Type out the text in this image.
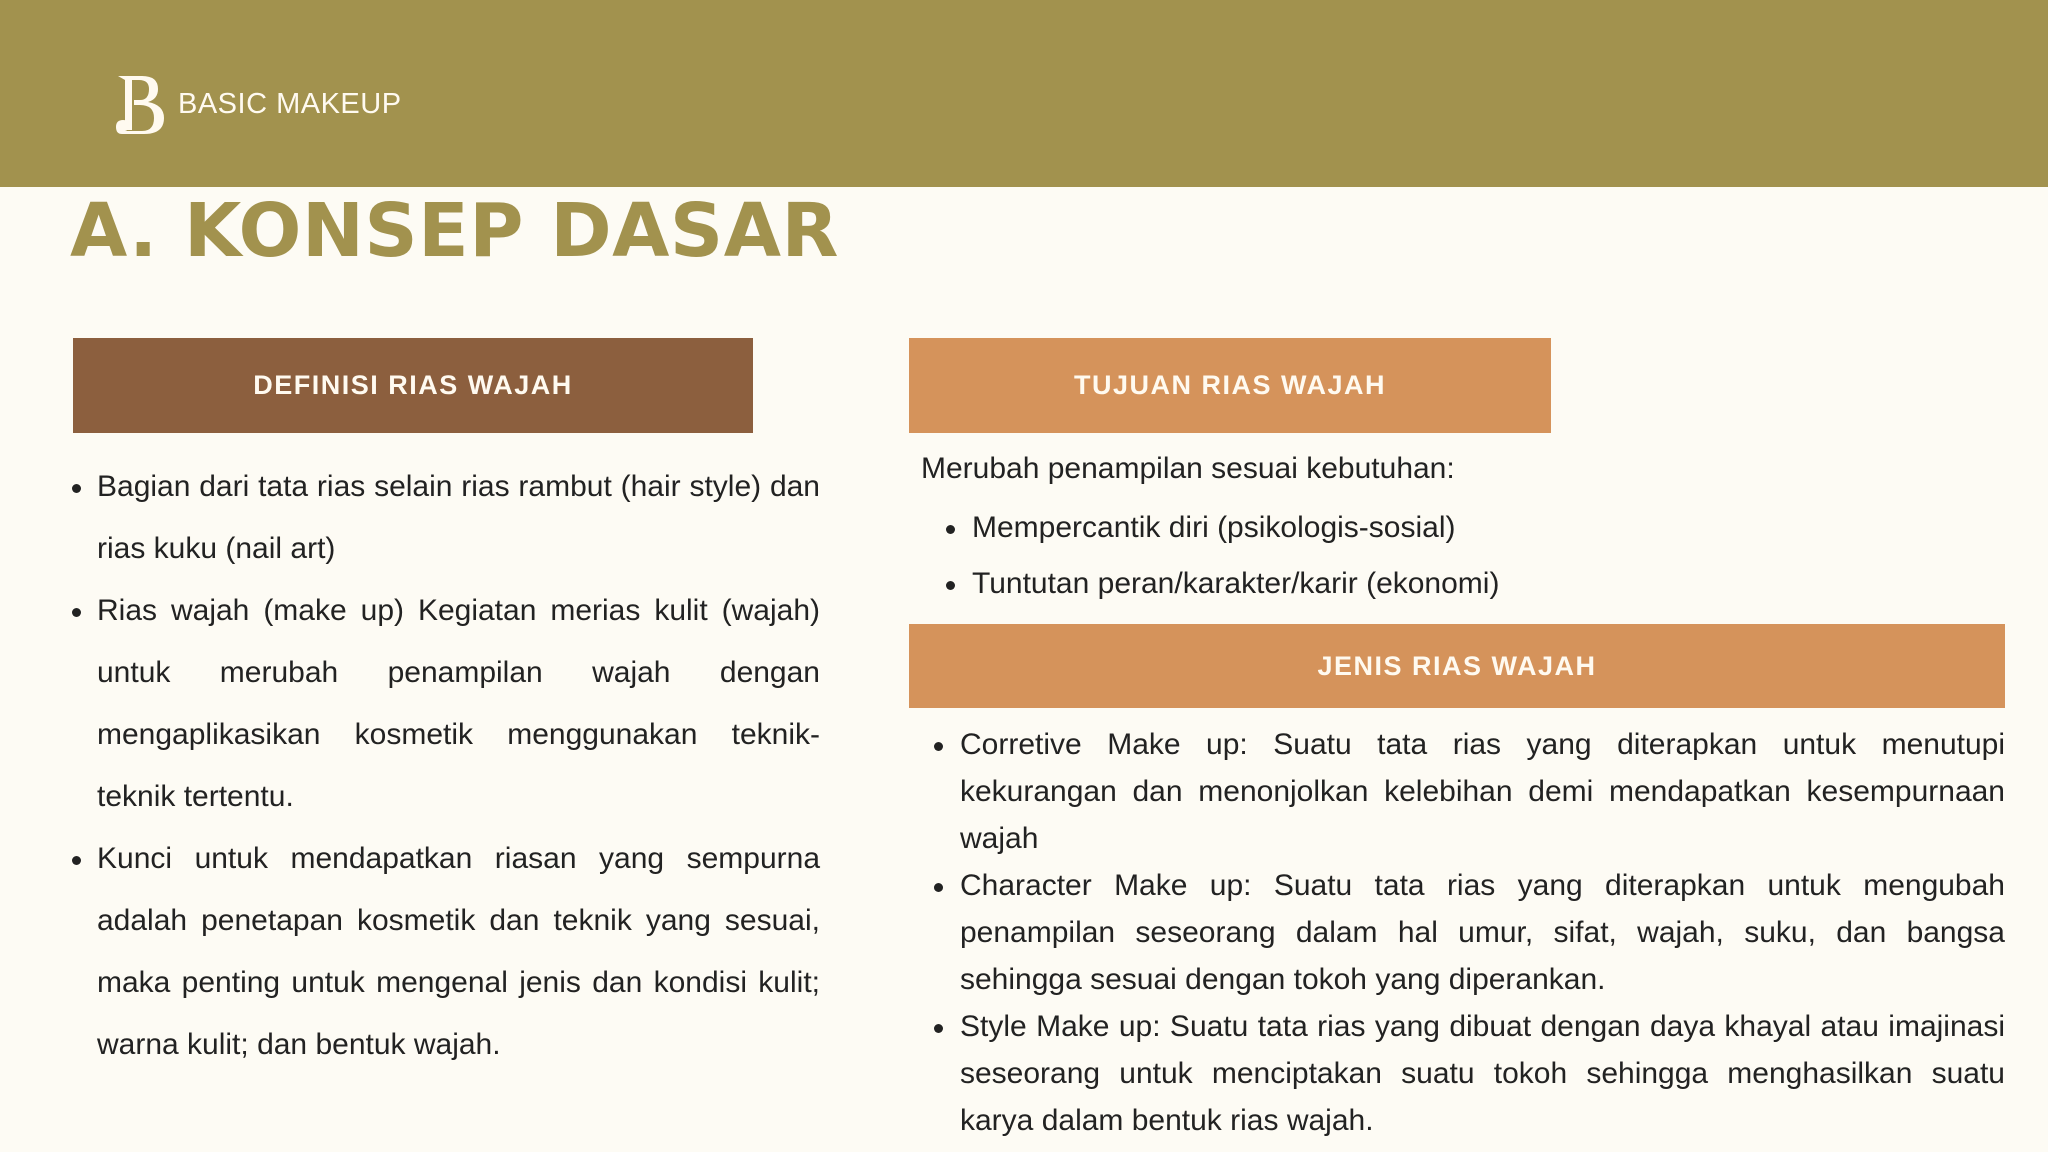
BASIC MAKEUP
A. KONSEP DASAR
DEFINISI RIAS WAJAH
Bagian dari tata rias selain rias rambut (hair style) dan rias kuku (nail art)
Rias wajah (make up) Kegiatan merias kulit (wajah) untuk merubah penampilan wajah dengan mengaplikasikan kosmetik menggunakan teknik-teknik tertentu.
Kunci untuk mendapatkan riasan yang sempurna adalah penetapan kosmetik dan teknik yang sesuai, maka penting untuk mengenal jenis dan kondisi kulit; warna kulit; dan bentuk wajah.
TUJUAN RIAS WAJAH
Merubah penampilan sesuai kebutuhan:
Mempercantik diri (psikologis-sosial)
Tuntutan peran/karakter/karir (ekonomi)
JENIS RIAS WAJAH
Corretive Make up: Suatu tata rias yang diterapkan untuk menutupi kekurangan dan menonjolkan kelebihan demi mendapatkan kesempurnaan wajah
Character Make up: Suatu tata rias yang diterapkan untuk mengubah penampilan seseorang dalam hal umur, sifat, wajah, suku, dan bangsa sehingga sesuai dengan tokoh yang diperankan.
Style Make up: Suatu tata rias yang dibuat dengan daya khayal atau imajinasi seseorang untuk menciptakan suatu tokoh sehingga menghasilkan suatu karya dalam bentuk rias wajah.
